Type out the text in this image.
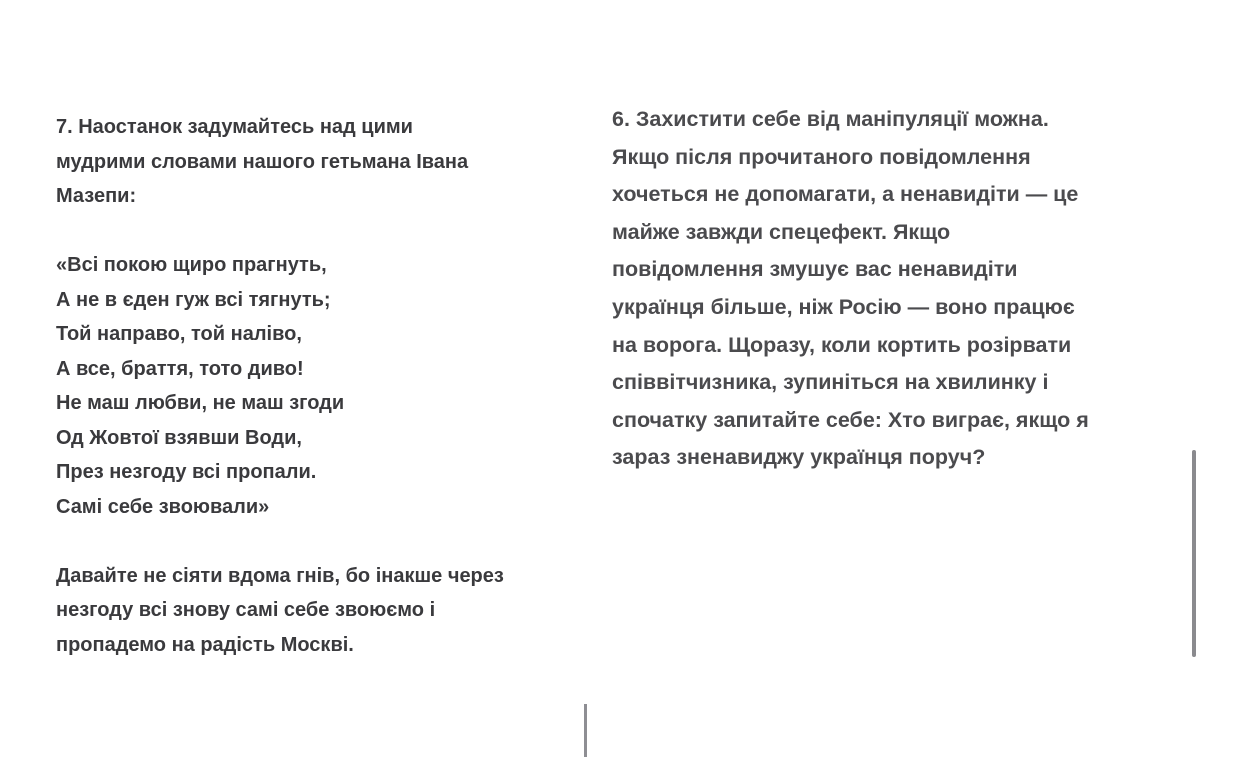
7. Наостанок задумайтесь над цими
мудрими словами нашого гетьмана Івана
Мазепи:
«Всі покою щиро прагнуть,
А не в єден гуж всі тягнуть;
Той направо, той наліво,
А все, браття, тото диво!
Не маш любви, не маш згоди
Од Жовтої взявши Води,
През незгоду всі пропали.
Самі себе звоювали»
Давайте не сіяти вдома гнів, бо інакше через
незгоду всі знову самі себе звоюємо і
пропадемо на радість Москві.
6. Захистити себе від маніпуляції можна.
Якщо після прочитаного повідомлення
хочеться не допомагати, а ненавидіти — це
майже завжди спецефект. Якщо
повідомлення змушує вас ненавидіти
українця більше, ніж Росію — воно працює
на ворога. Щоразу, коли кортить розірвати
співвітчизника, зупиніться на хвилинку і
спочатку запитайте себе: Хто виграє, якщо я
зараз зненавиджу українця поруч?
